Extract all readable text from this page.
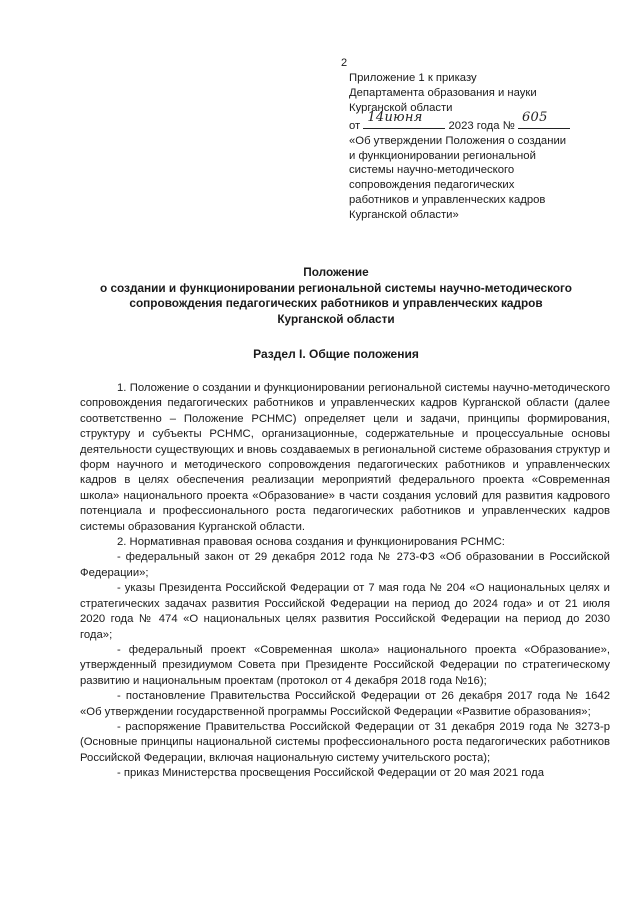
2
Приложение 1 к приказу
Департамента образования и науки
Курганской области
от
14июня
2023 года №
605
«Об утверждении Положения о создании
и функционировании региональной
системы научно-методического
сопровождения педагогических
работников и управленческих кадров
Курганской области»
Положение
о создании и функционировании региональной системы научно-методического
сопровождения педагогических работников и управленческих кадров
Курганской области
Раздел I. Общие положения

1. Положение о создании и функционировании региональной системы научно-методического сопровождения педагогических работников и управленческих кадров Курганской области (далее соответственно – Положение РСНМС) определяет цели и задачи, принципы формирования, структуру и субъекты РСНМС, организационные, содержательные и процессуальные основы деятельности существующих и вновь создаваемых в региональной системе образования структур и форм научного и методического сопровождения педагогических работников и управленческих кадров в целях обеспечения реализации мероприятий федерального проекта «Современная школа» национального проекта «Образование» в части создания условий для развития кадрового потенциала и профессионального роста педагогических работников и управленческих кадров системы образования Курганской области.

2. Нормативная правовая основа создания и функционирования РСНМС:

- федеральный закон от 29 декабря 2012 года № 273-ФЗ «Об образовании в Российской Федерации»;

- указы Президента Российской Федерации от 7 мая года № 204 «О национальных целях и стратегических задачах развития Российской Федерации на период до 2024 года» и от 21 июля 2020 года № 474 «О национальных целях развития Российской Федерации на период до 2030 года»;

- федеральный проект «Современная школа» национального проекта «Образование», утвержденный президиумом Совета при Президенте Российской Федерации по стратегическому развитию и национальным проектам (протокол от 4 декабря 2018 года №16);

- постановление Правительства Российской Федерации от 26 декабря 2017 года № 1642 «Об утверждении государственной программы Российской Федерации «Развитие образования»;

- распоряжение Правительства Российской Федерации от 31 декабря 2019 года № 3273-р (Основные принципы национальной системы профессионального роста педагогических работников Российской Федерации, включая национальную систему учительского роста);

- приказ Министерства просвещения Российской Федерации от 20 мая 2021 года
